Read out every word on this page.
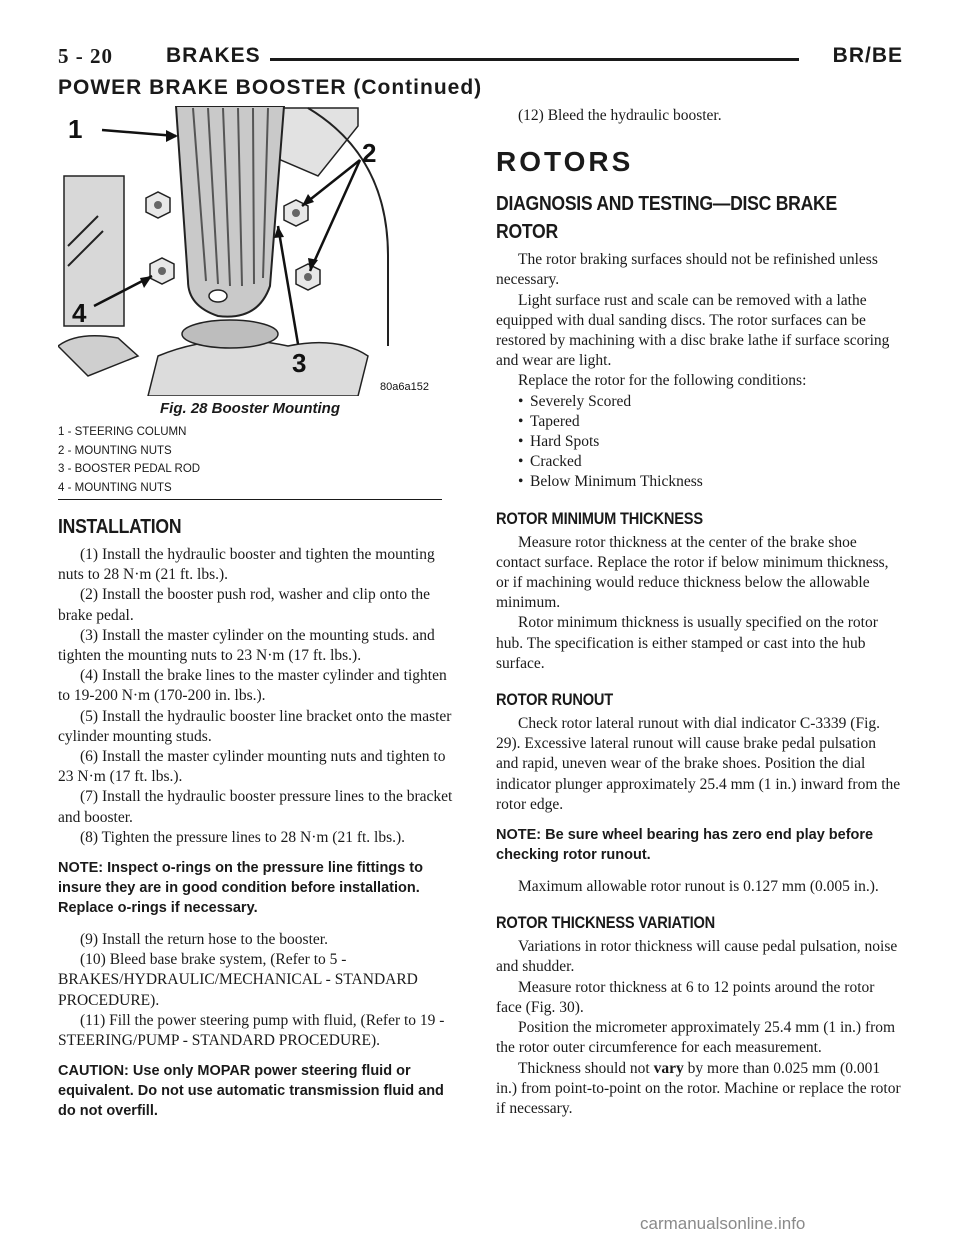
5 - 20	BRAKES	BR/BE
POWER BRAKE BOOSTER (Continued)
1
2
3
4
80a6a152
Fig. 28 Booster Mounting
1 - STEERING COLUMN
2 - MOUNTING NUTS
3 - BOOSTER PEDAL ROD
4 - MOUNTING NUTS
INSTALLATION

(1) Install the hydraulic booster and tighten the mounting nuts to 28 N·m (21 ft. lbs.).

(2) Install the booster push rod, washer and clip onto the brake pedal.

(3) Install the master cylinder on the mounting studs. and tighten the mounting nuts to 23 N·m (17 ft. lbs.).

(4) Install the brake lines to the master cylinder and tighten to 19-200 N·m (170-200 in. lbs.).

(5) Install the hydraulic booster line bracket onto the master cylinder mounting studs.

(6) Install the master cylinder mounting nuts and tighten to 23 N·m (17 ft. lbs.).

(7) Install the hydraulic booster pressure lines to the bracket and booster.

(8) Tighten the pressure lines to 28 N·m (21 ft. lbs.).

NOTE: Inspect o-rings on the pressure line fittings to insure they are in good condition before installation. Replace o-rings if necessary.

(9) Install the return hose to the booster.

(10) Bleed base brake system, (Refer to 5 - BRAKES/HYDRAULIC/MECHANICAL - STANDARD PROCEDURE).

(11) Fill the power steering pump with fluid, (Refer to 19 - STEERING/PUMP - STANDARD PROCEDURE).

CAUTION: Use only MOPAR power steering fluid or equivalent. Do not use automatic transmission fluid and do not overfill.

(12) Bleed the hydraulic booster.

ROTORS
DIAGNOSIS AND TESTING—DISC BRAKE ROTOR

The rotor braking surfaces should not be refinished unless necessary.

Light surface rust and scale can be removed with a lathe equipped with dual sanding discs. The rotor surfaces can be restored by machining with a disc brake lathe if surface scoring and wear are light.

Replace the rotor for the following conditions:

• Severely Scored
• Tapered
• Hard Spots
• Cracked
• Below Minimum Thickness
ROTOR MINIMUM THICKNESS

Measure rotor thickness at the center of the brake shoe contact surface. Replace the rotor if below minimum thickness, or if machining would reduce thickness below the allowable minimum.

Rotor minimum thickness is usually specified on the rotor hub. The specification is either stamped or cast into the hub surface.

ROTOR RUNOUT

Check rotor lateral runout with dial indicator C-3339 (Fig. 29). Excessive lateral runout will cause brake pedal pulsation and rapid, uneven wear of the brake shoes. Position the dial indicator plunger approximately 25.4 mm (1 in.) inward from the rotor edge.

NOTE: Be sure wheel bearing has zero end play before checking rotor runout.

Maximum allowable rotor runout is 0.127 mm (0.005 in.).

ROTOR THICKNESS VARIATION

Variations in rotor thickness will cause pedal pulsation, noise and shudder.

Measure rotor thickness at 6 to 12 points around the rotor face (Fig. 30).

Position the micrometer approximately 25.4 mm (1 in.) from the rotor outer circumference for each measurement.

Thickness should not vary by more than 0.025 mm (0.001 in.) from point-to-point on the rotor. Machine or replace the rotor if necessary.

carmanualsonline.info
